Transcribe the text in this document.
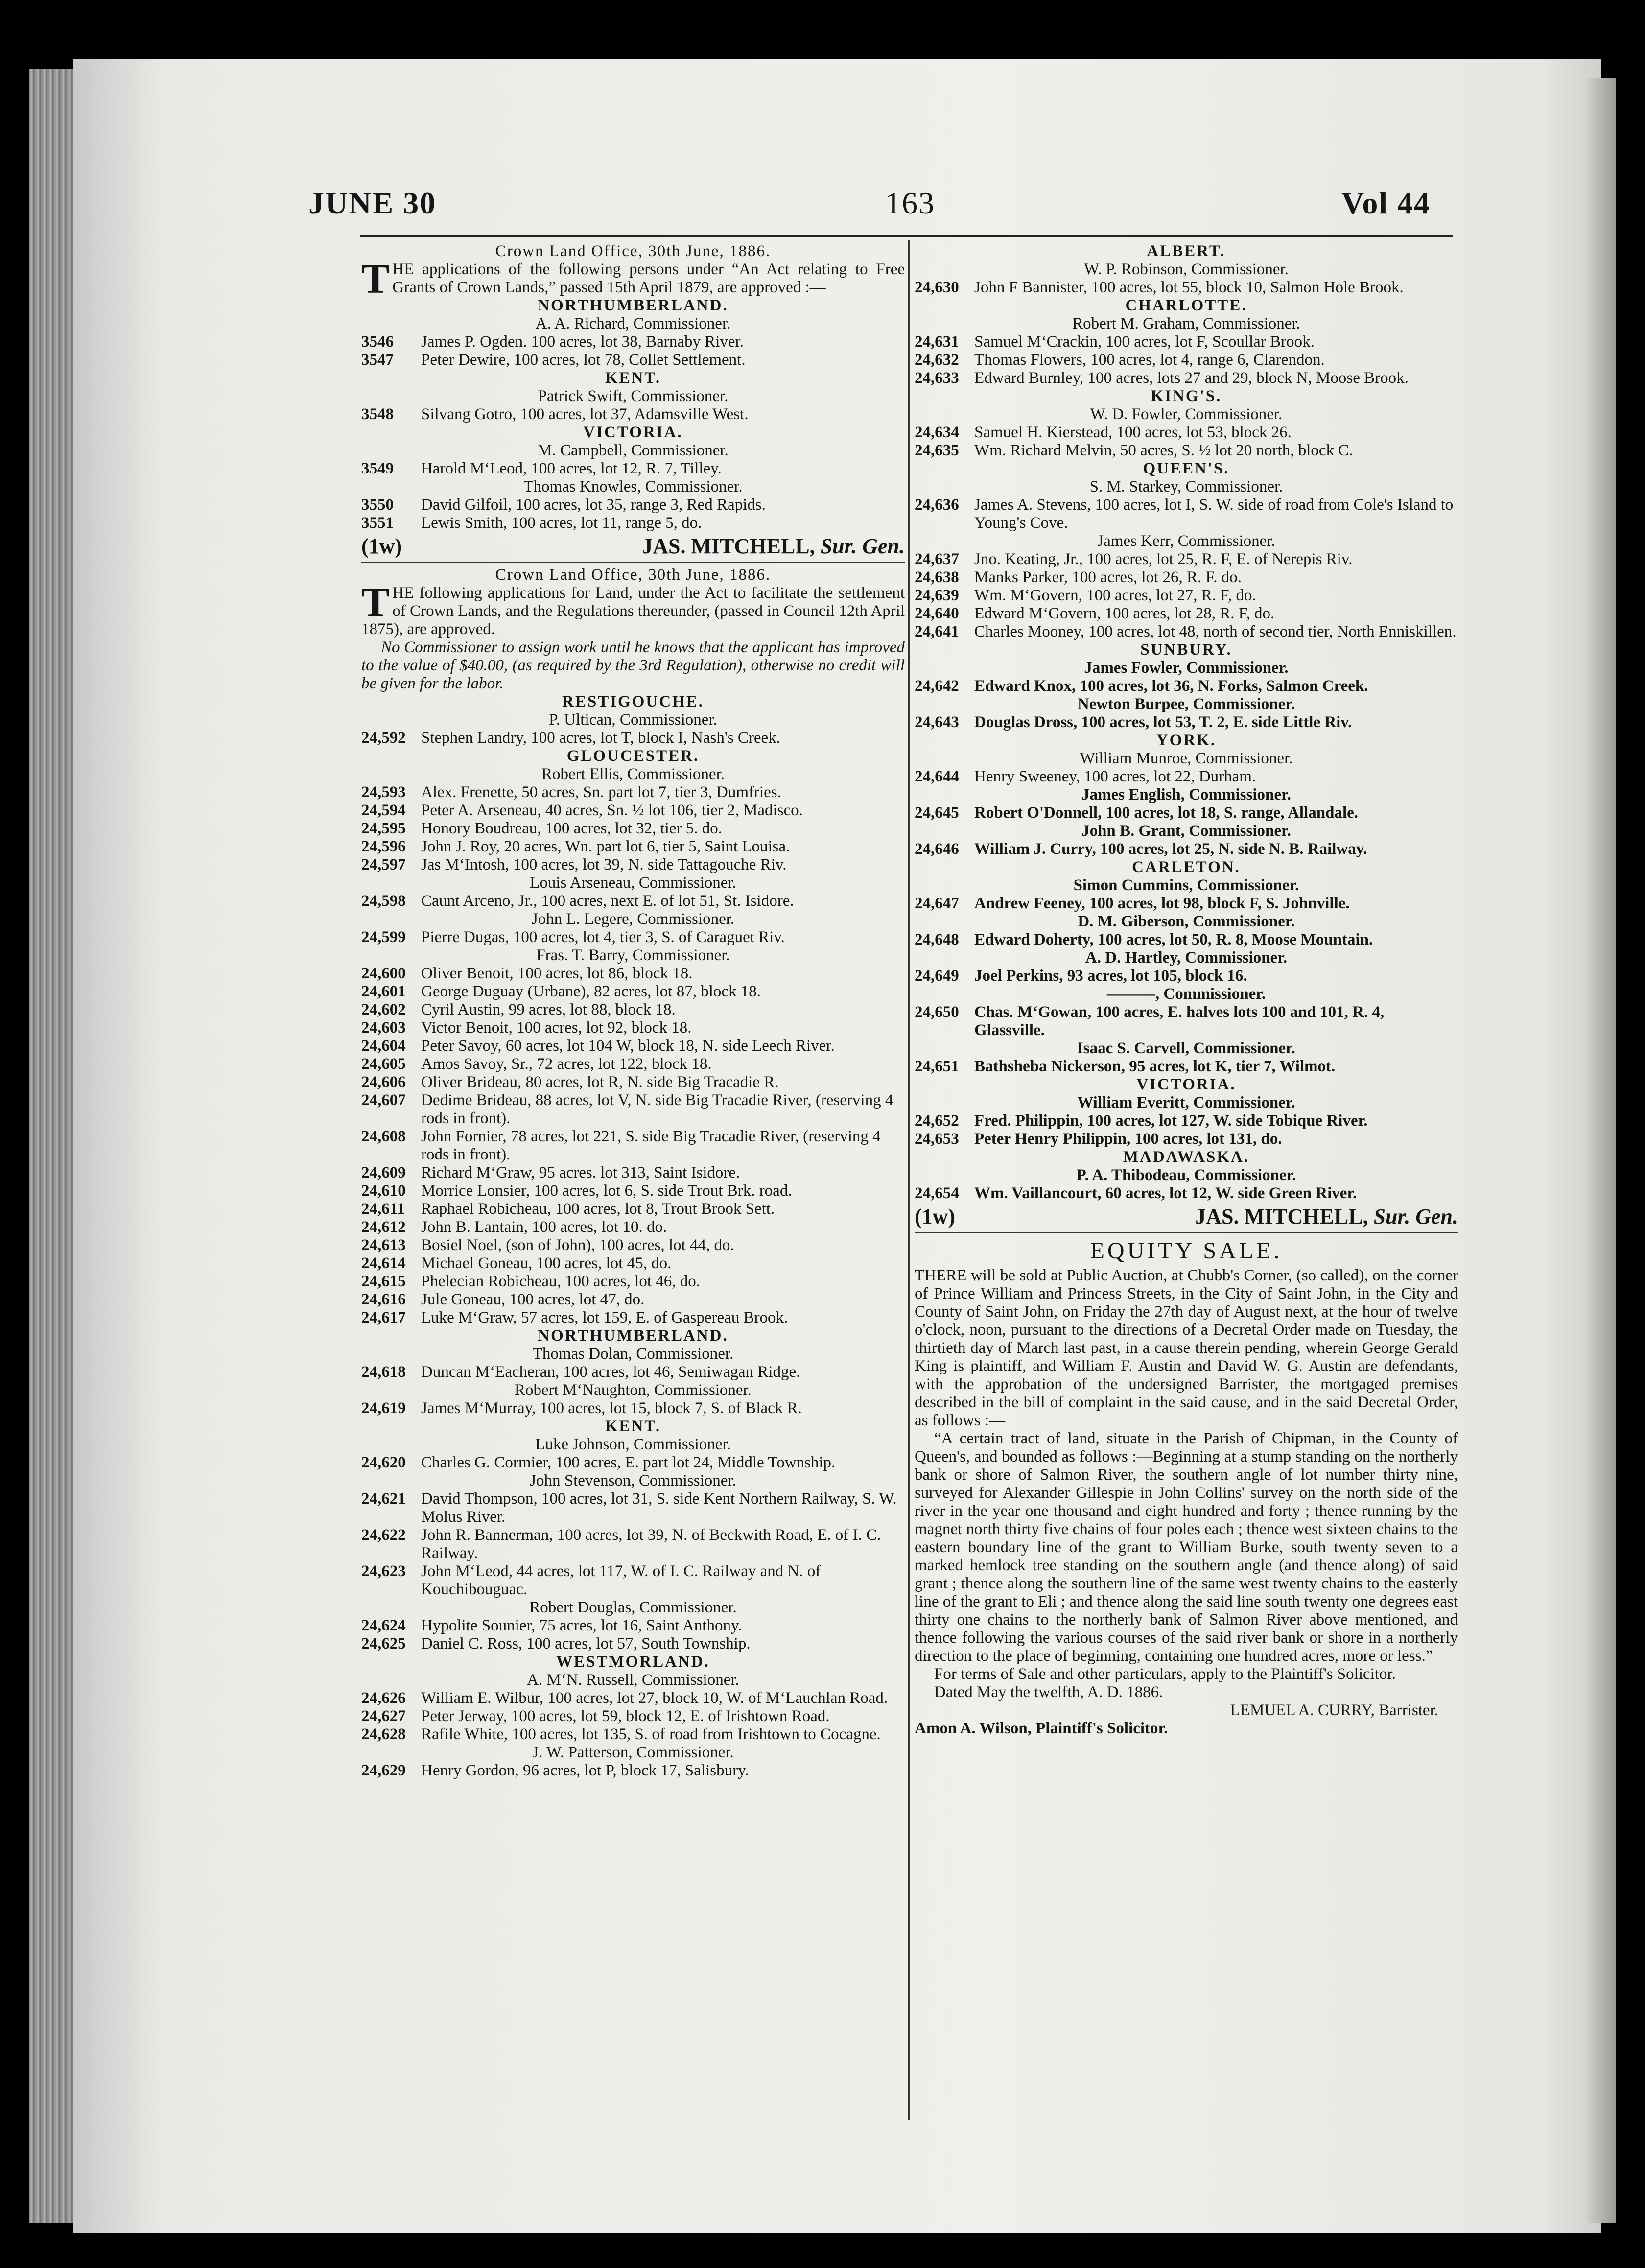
JUNE 30	163	Vol 44
Crown Land Office, 30th June, 1886.
THE applications of the following persons under “An Act relating to Free Grants of Crown Lands,” passed 15th April 1879, are approved :—
NORTHUMBERLAND.
A. A. Richard, Commissioner.
3546	James P. Ogden. 100 acres, lot 38, Barnaby River.
3547	Peter Dewire, 100 acres, lot 78, Collet Settlement.
KENT.
Patrick Swift, Commissioner.
3548	Silvang Gotro, 100 acres, lot 37, Adamsville West.
VICTORIA.
M. Campbell, Commissioner.
3549	Harold M‘Leod, 100 acres, lot 12, R. 7, Tilley.
Thomas Knowles, Commissioner.
3550	David Gilfoil, 100 acres, lot 35, range 3, Red Rapids.
3551	Lewis Smith, 100 acres, lot 11, range 5, do.
(1w)	JAS. MITCHELL, Sur. Gen.
Crown Land Office, 30th June, 1886.
THE following applications for Land, under the Act to facilitate the settlement of Crown Lands, and the Regulations thereunder, (passed in Council 12th April 1875), are approved.
No Commissioner to assign work until he knows that the applicant has improved to the value of $40.00, (as required by the 3rd Regulation), otherwise no credit will be given for the labor.
RESTIGOUCHE.
P. Ultican, Commissioner.
24,592 Stephen Landry, 100 acres, lot T, block I, Nash's Creek.
GLOUCESTER.
Robert Ellis, Commissioner.
24,593 Alex. Frenette, 50 acres, Sn. part lot 7, tier 3, Dumfries.
24,594 Peter A. Arseneau, 40 acres, Sn. ½ lot 106, tier 2, Madisco.
24,595 Honory Boudreau, 100 acres, lot 32, tier 5. do.
24,596 John J. Roy, 20 acres, Wn. part lot 6, tier 5, Saint Louisa.
24,597 Jas M‘Intosh, 100 acres, lot 39, N. side Tattagouche Riv.
Louis Arseneau, Commissioner.
24,598 Caunt Arceno, Jr., 100 acres, next E. of lot 51, St. Isidore.
John L. Legere, Commissioner.
24,599 Pierre Dugas, 100 acres, lot 4, tier 3, S. of Caraguet Riv.
Fras. T. Barry, Commissioner.
24,600 Oliver Benoit, 100 acres, lot 86, block 18.
24,601 George Duguay (Urbane), 82 acres, lot 87, block 18.
24,602 Cyril Austin, 99 acres, lot 88, block 18.
24,603 Victor Benoit, 100 acres, lot 92, block 18.
24,604 Peter Savoy, 60 acres, lot 104 W, block 18, N. side Leech River.
24,605 Amos Savoy, Sr., 72 acres, lot 122, block 18.
24,606 Oliver Brideau, 80 acres, lot R, N. side Big Tracadie R.
24,607 Dedime Brideau, 88 acres, lot V, N. side Big Tracadie River, (reserving 4 rods in front).
24,608 John Fornier, 78 acres, lot 221, S. side Big Tracadie River, (reserving 4 rods in front).
24,609 Richard M‘Graw, 95 acres. lot 313, Saint Isidore.
24,610 Morrice Lonsier, 100 acres, lot 6, S. side Trout Brk. road.
24,611	Raphael Robicheau, 100 acres, lot 8, Trout Brook Sett.
24,612 John B. Lantain, 100 acres, lot 10. do.
24,613 Bosiel Noel, (son of John), 100 acres, lot 44, do.
24,614 Michael Goneau, 100 acres, lot 45, do.
24,615 Phelecian Robicheau, 100 acres, lot 46, do.
24,616 Jule Goneau, 100 acres, lot 47, do.
24,617 Luke M‘Graw, 57 acres, lot 159, E. of Gaspereau Brook.
NORTHUMBERLAND.
Thomas Dolan, Commissioner.
24,618 Duncan M‘Eacheran, 100 acres, lot 46, Semiwagan Ridge.
Robert M‘Naughton, Commissioner.
24,619 James M‘Murray, 100 acres, lot 15, block 7, S. of Black R.
KENT.
Luke Johnson, Commissioner.
24,620 Charles G. Cormier, 100 acres, E. part lot 24, Middle Township.
John Stevenson, Commissioner.
24,621 David Thompson, 100 acres, lot 31, S. side Kent Northern Railway, S. W. Molus River.
24,622 John R. Bannerman, 100 acres, lot 39, N. of Beckwith Road, E. of I. C. Railway.
24,623 John M‘Leod, 44 acres, lot 117, W. of I. C. Railway and N. of Kouchibouguac.
Robert Douglas, Commissioner.
24,624 Hypolite Sounier, 75 acres, lot 16, Saint Anthony.
24,625 Daniel C. Ross, 100 acres, lot 57, South Township.
WESTMORLAND.
A. M‘N. Russell, Commissioner.
24,626 William E. Wilbur, 100 acres, lot 27, block 10, W. of M‘Lauchlan Road.
24,627 Peter Jerway, 100 acres, lot 59, block 12, E. of Irishtown Road.
24,628 Rafile White, 100 acres, lot 135, S. of road from Irishtown to Cocagne.
J. W. Patterson, Commissioner.
24,629 Henry Gordon, 96 acres, lot P, block 17, Salisbury.
ALBERT.
W. P. Robinson, Commissioner.
24,630 John F Bannister, 100 acres, lot 55, block 10, Salmon Hole Brook.
CHARLOTTE.
Robert M. Graham, Commissioner.
24,631 Samuel M‘Crackin, 100 acres, lot F, Scoullar Brook.
24,632 Thomas Flowers, 100 acres, lot 4, range 6, Clarendon.
24,633 Edward Burnley, 100 acres, lots 27 and 29, block N, Moose Brook.
KING'S.
W. D. Fowler, Commissioner.
24,634 Samuel H. Kierstead, 100 acres, lot 53, block 26.
24,635 Wm. Richard Melvin, 50 acres, S. ½ lot 20 north, block C.
QUEEN'S.
S. M. Starkey, Commissioner.
24,636 James A. Stevens, 100 acres, lot I, S. W. side of road from Cole's Island to Young's Cove.
James Kerr, Commissioner.
24,637 Jno. Keating, Jr., 100 acres, lot 25, R. F, E. of Nerepis Riv.
24,638 Manks Parker, 100 acres, lot 26, R. F. do.
24,639 Wm. M‘Govern, 100 acres, lot 27, R. F, do.
24,640 Edward M‘Govern, 100 acres, lot 28, R. F, do.
24,641 Charles Mooney, 100 acres, lot 48, north of second tier, North Enniskillen.
SUNBURY.
James Fowler, Commissioner.
24,642 Edward Knox, 100 acres, lot 36, N. Forks, Salmon Creek.
Newton Burpee, Commissioner.
24,643 Douglas Dross, 100 acres, lot 53, T. 2, E. side Little Riv.
YORK.
William Munroe, Commissioner.
24,644 Henry Sweeney, 100 acres, lot 22, Durham.
James English, Commissioner.
24,645 Robert O'Donnell, 100 acres, lot 18, S. range, Allandale.
John B. Grant, Commissioner.
24,646 William J. Curry, 100 acres, lot 25, N. side N. B. Railway.
CARLETON.
Simon Cummins, Commissioner.
24,647 Andrew Feeney, 100 acres, lot 98, block F, S. Johnville.
D. M. Giberson, Commissioner.
24,648 Edward Doherty, 100 acres, lot 50, R. 8, Moose Mountain.
A. D. Hartley, Commissioner.
24,649 Joel Perkins, 93 acres, lot 105, block 16.
———, Commissioner.
24,650 Chas. M‘Gowan, 100 acres, E. halves lots 100 and 101, R. 4, Glassville.
Isaac S. Carvell, Commissioner.
24,651 Bathsheba Nickerson, 95 acres, lot K, tier 7, Wilmot.
VICTORIA.
William Everitt, Commissioner.
24,652 Fred. Philippin, 100 acres, lot 127, W. side Tobique River.
24,653 Peter Henry Philippin, 100 acres, lot 131, do.
MADAWASKA.
P. A. Thibodeau, Commissioner.
24,654 Wm. Vaillancourt, 60 acres, lot 12, W. side Green River.
(1w)	JAS. MITCHELL, Sur. Gen.
EQUITY SALE.
THERE will be sold at Public Auction, at Chubb's Corner, (so called), on the corner of Prince William and Princess Streets, in the City of Saint John, in the City and County of Saint John, on Friday the 27th day of August next, at the hour of twelve o'clock, noon, pursuant to the directions of a Decretal Order made on Tuesday, the thirtieth day of March last past, in a cause therein pending, wherein George Gerald King is plaintiff, and William F. Austin and David W. G. Austin are defendants, with the approbation of the undersigned Barrister, the mortgaged premises described in the bill of complaint in the said cause, and in the said Decretal Order, as follows :—
“A certain tract of land, situate in the Parish of Chipman, in the County of Queen's, and bounded as follows :—Beginning at a stump standing on the northerly bank or shore of Salmon River, the southern angle of lot number thirty nine, surveyed for Alexander Gillespie in John Collins' survey on the north side of the river in the year one thousand and eight hundred and forty ; thence running by the magnet north thirty five chains of four poles each ; thence west sixteen chains to the eastern boundary line of the grant to William Burke, south twenty seven to a marked hemlock tree standing on the southern angle (and thence along) of said grant ; thence along the southern line of the same west twenty chains to the easterly line of the grant to Eli ; and thence along the said line south twenty one degrees east thirty one chains to the northerly bank of Salmon River above mentioned, and thence following the various courses of the said river bank or shore in a northerly direction to the place of beginning, containing one hundred acres, more or less.”
For terms of Sale and other particulars, apply to the Plaintiff's Solicitor.
Dated May the twelfth, A. D. 1886.
LEMUEL A. CURRY, Barrister.
Amon A. Wilson, Plaintiff's Solicitor.
